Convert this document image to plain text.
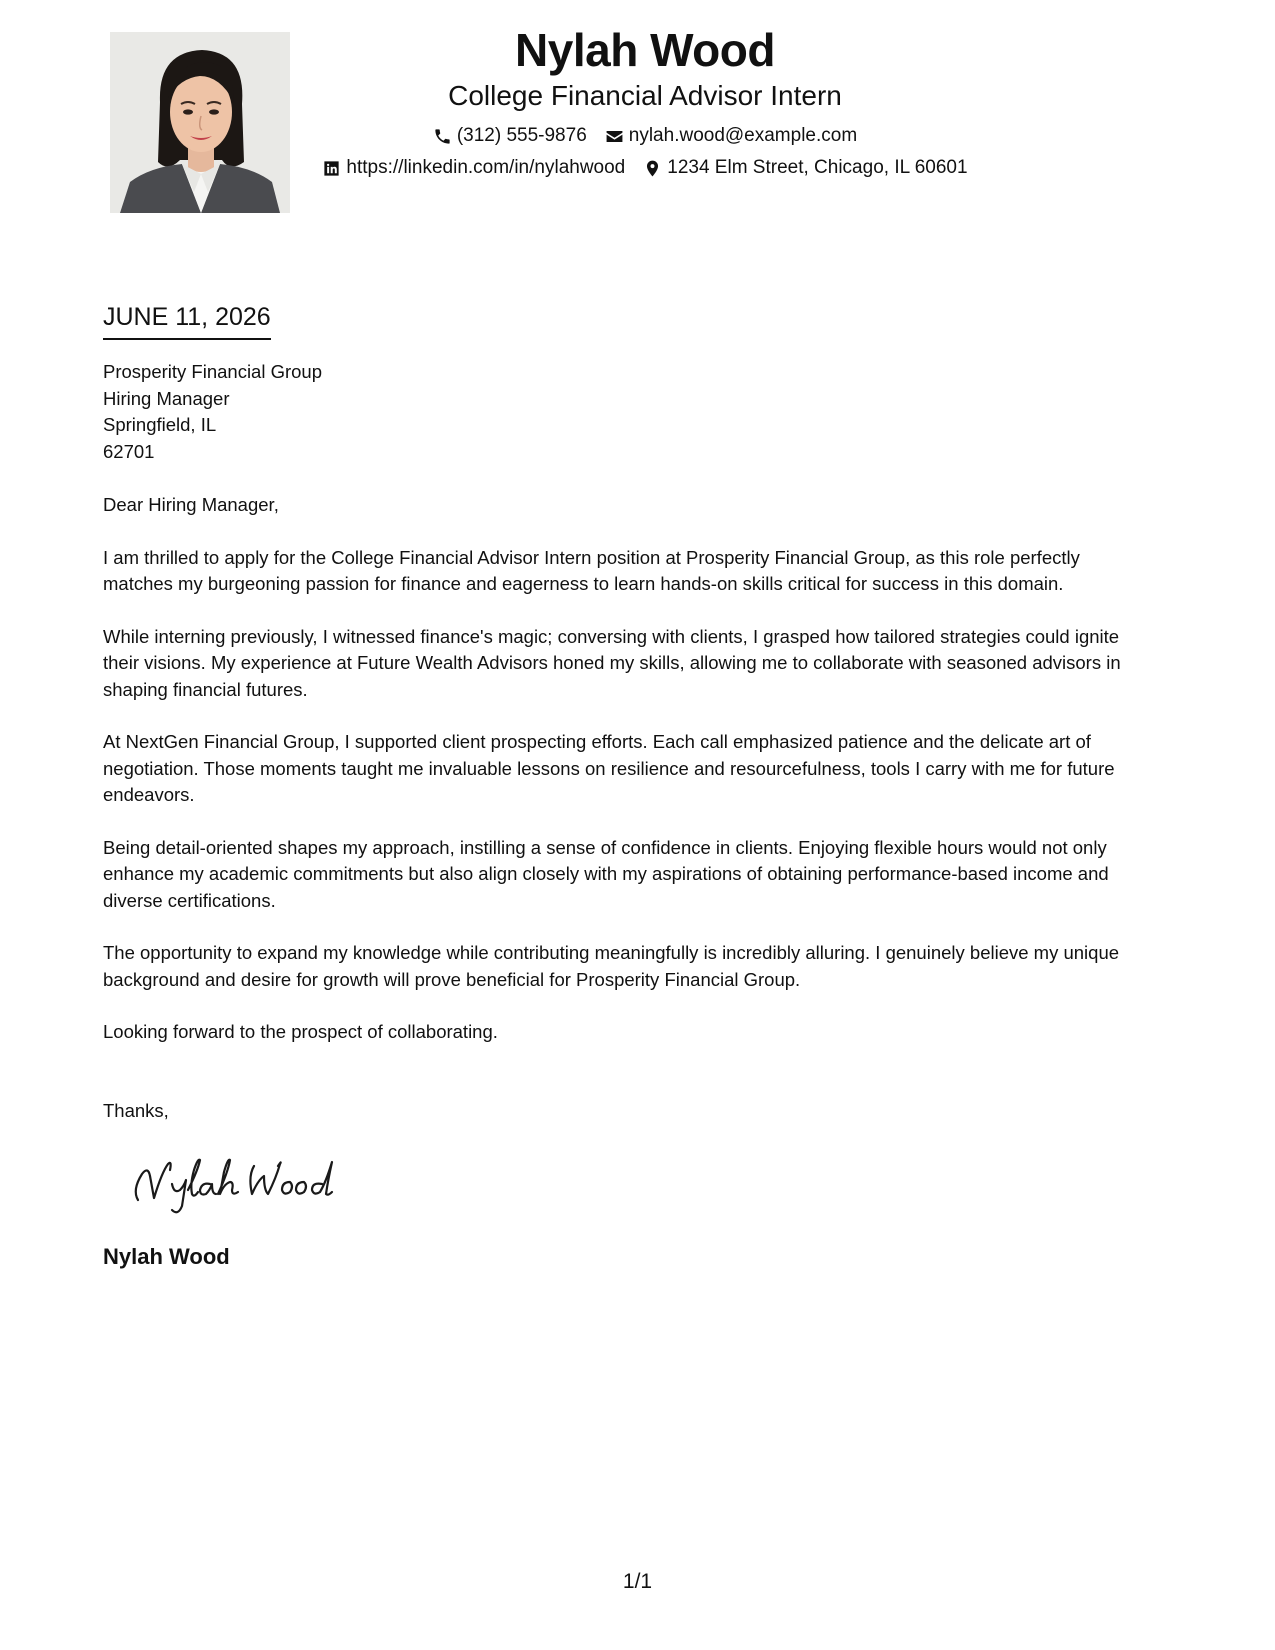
Nylah Wood
College Financial Advisor Intern
(312) 555-9876 nylah.wood@example.com
https://linkedin.com/in/nylahwood 1234 Elm Street, Chicago, IL 60601
JUNE 11, 2026
Prosperity Financial Group
Hiring Manager
Springfield, IL
62701

Dear Hiring Manager,

I am thrilled to apply for the College Financial Advisor Intern position at Prosperity Financial Group, as this role perfectly matches my burgeoning passion for finance and eagerness to learn hands-on skills critical for success in this domain.

While interning previously, I witnessed finance's magic; conversing with clients, I grasped how tailored strategies could ignite their visions. My experience at Future Wealth Advisors honed my skills, allowing me to collaborate with seasoned advisors in shaping financial futures.

At NextGen Financial Group, I supported client prospecting efforts. Each call emphasized patience and the delicate art of negotiation. Those moments taught me invaluable lessons on resilience and resourcefulness, tools I carry with me for future endeavors.

Being detail-oriented shapes my approach, instilling a sense of confidence in clients. Enjoying flexible hours would not only enhance my academic commitments but also align closely with my aspirations of obtaining performance-based income and diverse certifications.

The opportunity to expand my knowledge while contributing meaningfully is incredibly alluring. I genuinely believe my unique background and desire for growth will prove beneficial for Prosperity Financial Group.

Looking forward to the prospect of collaborating.

Thanks,
Nylah Wood
1/1
